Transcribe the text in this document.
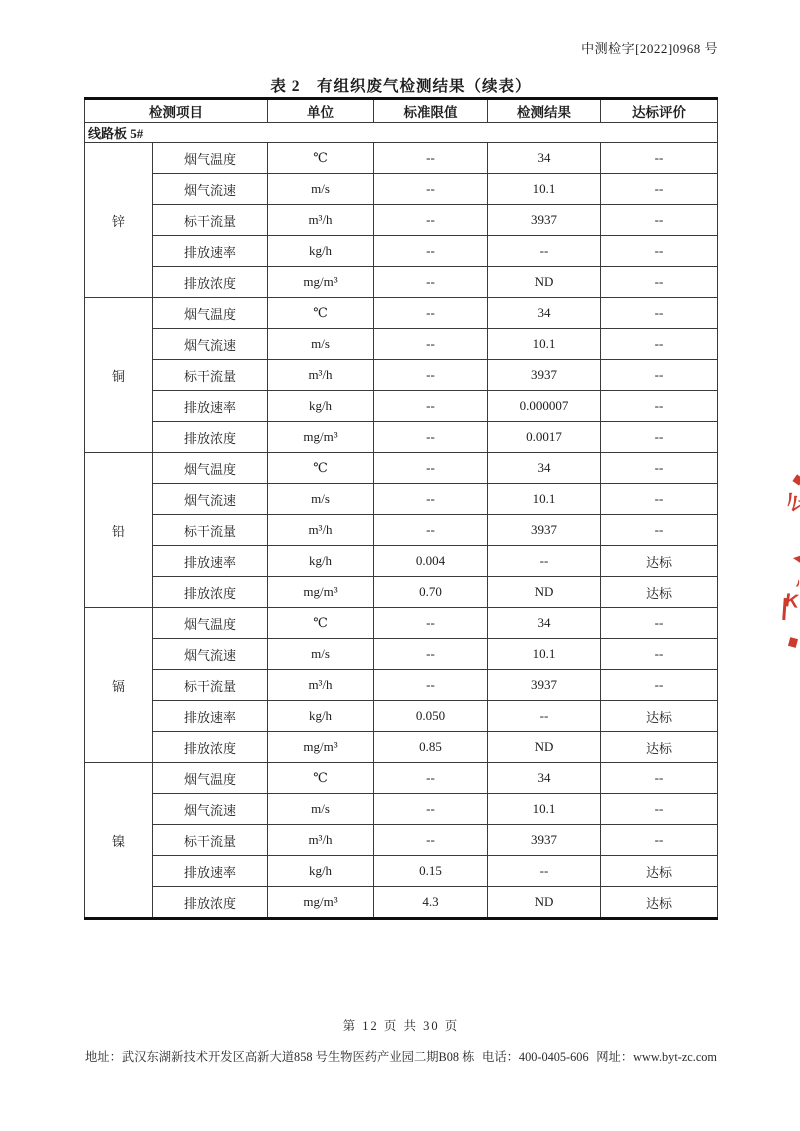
中测检字[2022]0968 号
表 2　有组织废气检测结果（续表）
检测项目		单位	标准限值	检测结果	达标评价
线路板 5#					
锌	烟气温度	℃	--	34	--
	烟气流速	m/s	--	10.1	--
	标干流量	m³/h	--	3937	--
	排放速率	kg/h	--	--	--
	排放浓度	mg/m³	--	ND	--
铜	烟气温度	℃	--	34	--
	烟气流速	m/s	--	10.1	--
	标干流量	m³/h	--	3937	--
	排放速率	kg/h	--	0.000007	--
	排放浓度	mg/m³	--	0.0017	--
铅	烟气温度	℃	--	34	--
	烟气流速	m/s	--	10.1	--
	标干流量	m³/h	--	3937	--
	排放速率	kg/h	0.004	--	达标
	排放浓度	mg/m³	0.70	ND	达标
镉	烟气温度	℃	--	34	--
	烟气流速	m/s	--	10.1	--
	标干流量	m³/h	--	3937	--
	排放速率	kg/h	0.050	--	达标
	排放浓度	mg/m³	0.85	ND	达标
镍	烟气温度	℃	--	34	--
	烟气流速	m/s	--	10.1	--
	标干流量	m³/h	--	3937	--
	排放速率	kg/h	0.15	--	达标
	排放浓度	mg/m³	4.3	ND	达标
么
丶
K
第 12 页 共 30 页
地址：武汉东湖新技术开发区高新大道858 号生物医药产业园二期B08 栋 电话：400-0405-606 网址：www.byt-zc.com
